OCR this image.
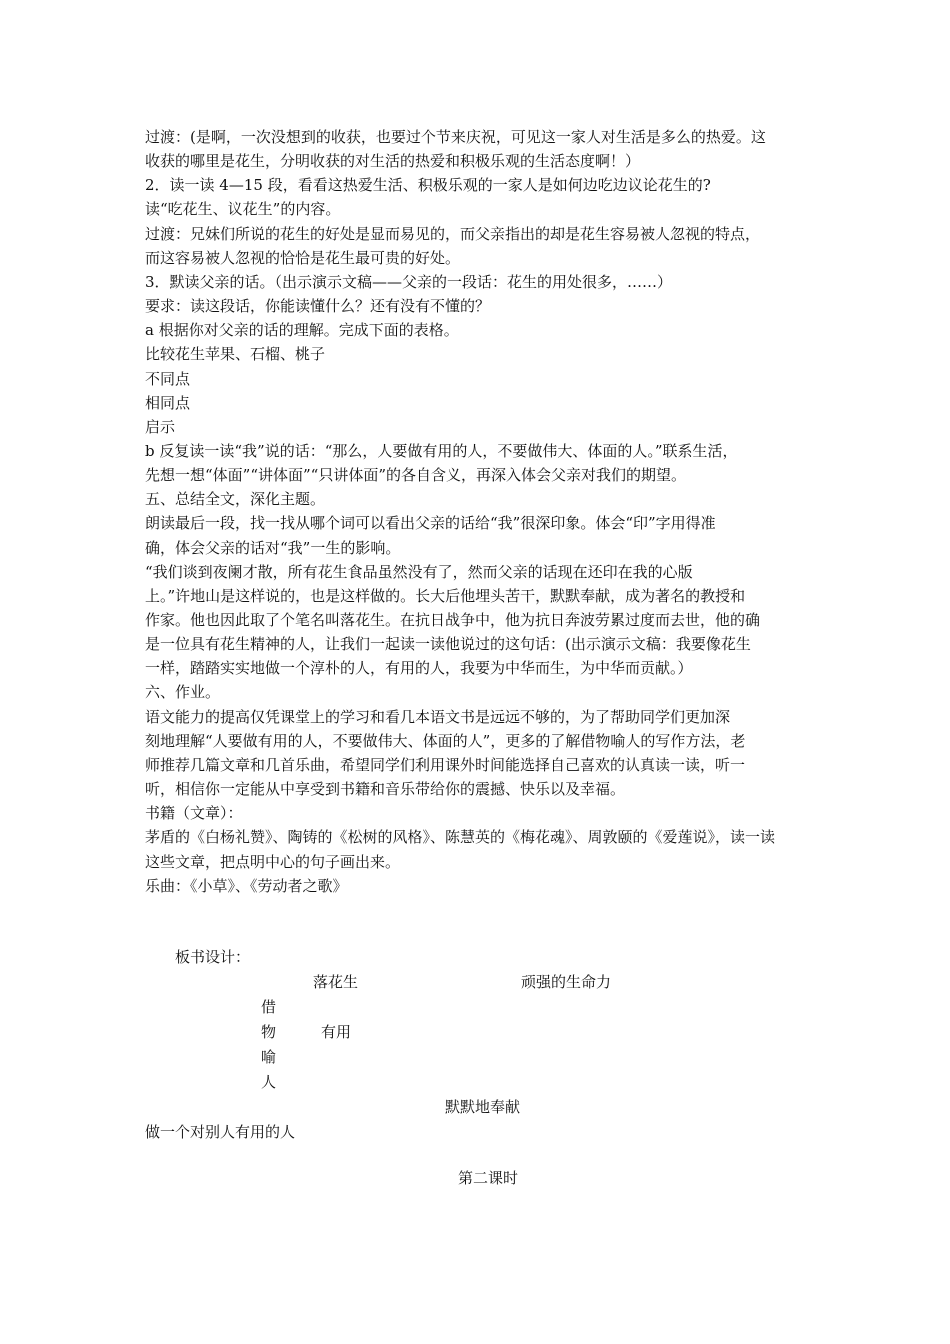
过渡：(是啊，一次没想到的收获，也要过个节来庆祝，可见这一家人对生活是多么的热爱。这
收获的哪里是花生，分明收获的对生活的热爱和积极乐观的生活态度啊！）
2．读一读 4—15 段，看看这热爱生活、积极乐观的一家人是如何边吃边议论花生的?
读“吃花生、议花生”的内容。
过渡：兄妹们所说的花生的好处是显而易见的，而父亲指出的却是花生容易被人忽视的特点，
而这容易被人忽视的恰恰是花生最可贵的好处。
3．默读父亲的话。（出示演示文稿——父亲的一段话：花生的用处很多，……）
要求：读这段话，你能读懂什么？还有没有不懂的？
a 根据你对父亲的话的理解。完成下面的表格。
比较花生苹果、石榴、桃子
不同点
相同点
启示
b 反复读一读“我”说的话：“那么，人要做有用的人，不要做伟大、体面的人。”联系生活，
先想一想“体面”“讲体面”“只讲体面”的各自含义，再深入体会父亲对我们的期望。
五、总结全文，深化主题。
朗读最后一段，找一找从哪个词可以看出父亲的话给“我”很深印象。体会“印”字用得准
确，体会父亲的话对“我”一生的影响。
“我们谈到夜阑才散，所有花生食品虽然没有了，然而父亲的话现在还印在我的心版
上。”许地山是这样说的，也是这样做的。长大后他埋头苦干，默默奉献，成为著名的教授和
作家。他也因此取了个笔名叫落花生。在抗日战争中，他为抗日奔波劳累过度而去世，他的确
是一位具有花生精神的人，让我们一起读一读他说过的这句话：(出示演示文稿：我要像花生
一样，踏踏实实地做一个淳朴的人，有用的人，我要为中华而生，为中华而贡献。）
六、作业。
语文能力的提高仅凭课堂上的学习和看几本语文书是远远不够的，为了帮助同学们更加深
刻地理解“人要做有用的人，不要做伟大、体面的人”，更多的了解借物喻人的写作方法，老
师推荐几篇文章和几首乐曲，希望同学们利用课外时间能选择自己喜欢的认真读一读，听一
听，相信你一定能从中享受到书籍和音乐带给你的震撼、快乐以及幸福。
书籍（文章）：
茅盾的《白杨礼赞》、陶铸的《松树的风格》、陈慧英的《梅花魂》、周敦颐的《爱莲说》，读一读
这些文章，把点明中心的句子画出来。
乐曲：《小草》、《劳动者之歌》
板书设计：
落花生	顽强的生命力
借
物	有用
喻
人
默默地奉献
做一个对别人有用的人
第二课时
